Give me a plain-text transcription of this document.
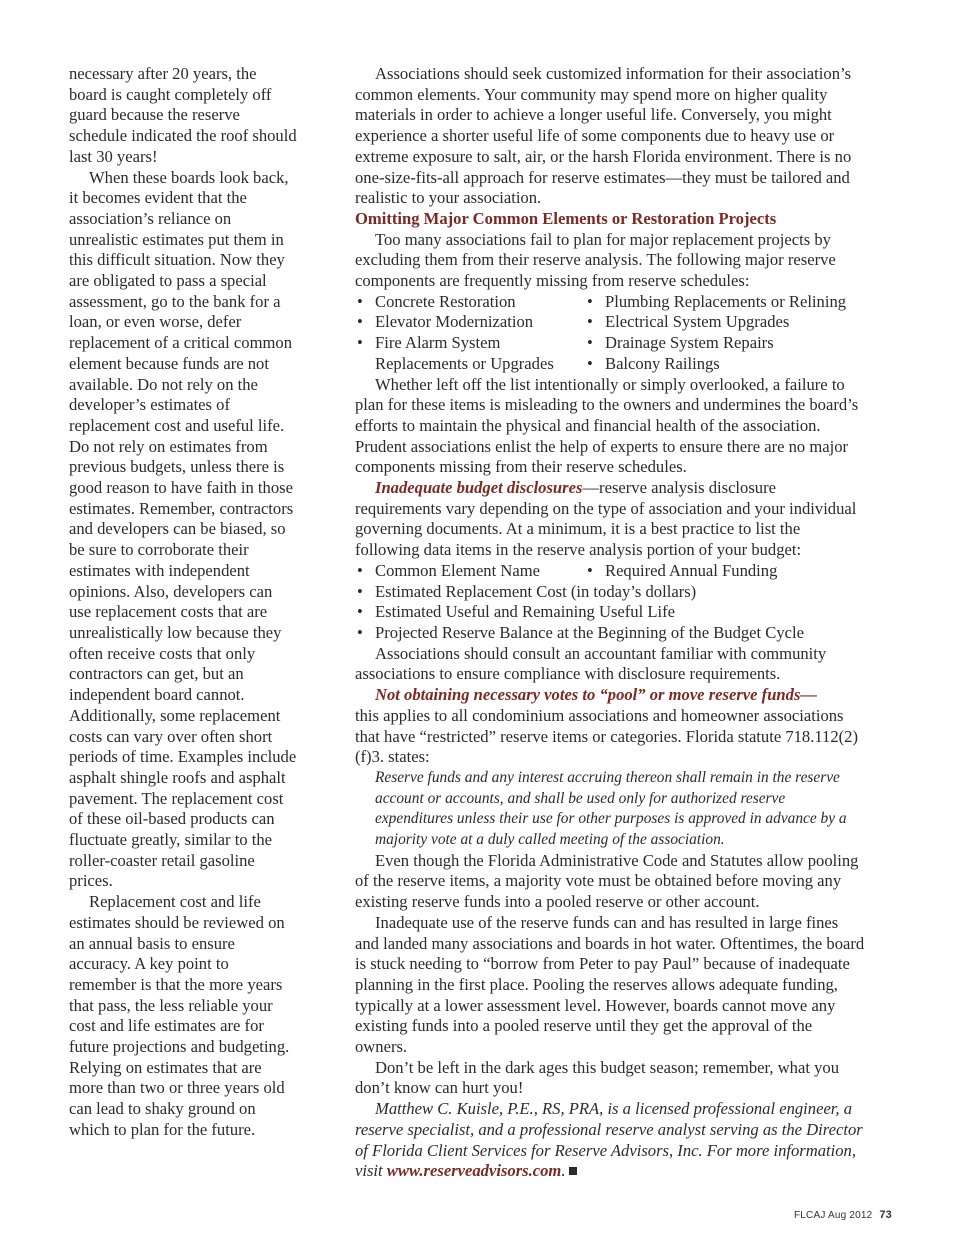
necessary after 20 years, the board is caught completely off guard because the reserve schedule indicated the roof should last 30 years!

When these boards look back, it becomes evident that the association’s reliance on unrealistic estimates put them in this difficult situation. Now they are obligated to pass a special assessment, go to the bank for a loan, or even worse, defer replacement of a critical common element because funds are not available. Do not rely on the developer’s estimates of replacement cost and useful life. Do not rely on estimates from previous budgets, unless there is good reason to have faith in those estimates. Remember, contractors and developers can be biased, so be sure to corroborate their estimates with independent opinions. Also, developers can use replacement costs that are unrealistically low because they often receive costs that only contractors can get, but an independent board cannot. Additionally, some replacement costs can vary over often short periods of time. Examples include asphalt shingle roofs and asphalt pavement. The replacement cost of these oil-based products can fluctuate greatly, similar to the roller-coaster retail gasoline prices.

Replacement cost and life estimates should be reviewed on an annual basis to ensure accuracy. A key point to remember is that the more years that pass, the less reliable your cost and life estimates are for future projections and budgeting. Relying on estimates that are more than two or three years old can lead to shaky ground on which to plan for the future.

Associations should seek customized information for their association’s common elements. Your community may spend more on higher quality materials in order to achieve a longer useful life. Conversely, you might experience a shorter useful life of some components due to heavy use or extreme exposure to salt, air, or the harsh Florida environment. There is no one-size-fits-all approach for reserve estimates—they must be tailored and realistic to your association.

Omitting Major Common Elements or Restoration Projects

Too many associations fail to plan for major replacement projects by excluding them from their reserve analysis. The following major reserve components are frequently missing from reserve schedules:

• Concrete Restoration	• Plumbing Replacements or Relining
• Elevator Modernization	• Electrical System Upgrades
• Fire Alarm System	• Drainage System Repairs
Replacements or Upgrades	• Balcony Railings

Whether left off the list intentionally or simply overlooked, a failure to plan for these items is misleading to the owners and undermines the board’s efforts to maintain the physical and financial health of the association. Prudent associations enlist the help of experts to ensure there are no major components missing from their reserve schedules.

Inadequate budget disclosures—reserve analysis disclosure requirements vary depending on the type of association and your individual governing documents. At a minimum, it is a best practice to list the following data items in the reserve analysis portion of your budget:

• Common Element Name	• Required Annual Funding
• Estimated Replacement Cost (in today’s dollars)
• Estimated Useful and Remaining Useful Life
• Projected Reserve Balance at the Beginning of the Budget Cycle

Associations should consult an accountant familiar with community associations to ensure compliance with disclosure requirements.

Not obtaining necessary votes to “pool” or move reserve funds—

this applies to all condominium associations and homeowner associations that have “restricted” reserve items or categories. Florida statute 718.112(2)(f)3. states:

Reserve funds and any interest accruing thereon shall remain in the reserve account or accounts, and shall be used only for authorized reserve expenditures unless their use for other purposes is approved in advance by a majority vote at a duly called meeting of the association.

Even though the Florida Administrative Code and Statutes allow pooling of the reserve items, a majority vote must be obtained before moving any existing reserve funds into a pooled reserve or other account.

Inadequate use of the reserve funds can and has resulted in large fines and landed many associations and boards in hot water. Oftentimes, the board is stuck needing to “borrow from Peter to pay Paul” because of inadequate planning in the first place. Pooling the reserves allows adequate funding, typically at a lower assessment level. However, boards cannot move any existing funds into a pooled reserve until they get the approval of the owners.

Don’t be left in the dark ages this budget season; remember, what you don’t know can hurt you!

Matthew C. Kuisle, P.E., RS, PRA, is a licensed professional engineer, a reserve specialist, and a professional reserve analyst serving as the Director of Florida Client Services for Reserve Advisors, Inc. For more information, visit www.reserveadvisors.com.

FLCAJ Aug 2012 73
